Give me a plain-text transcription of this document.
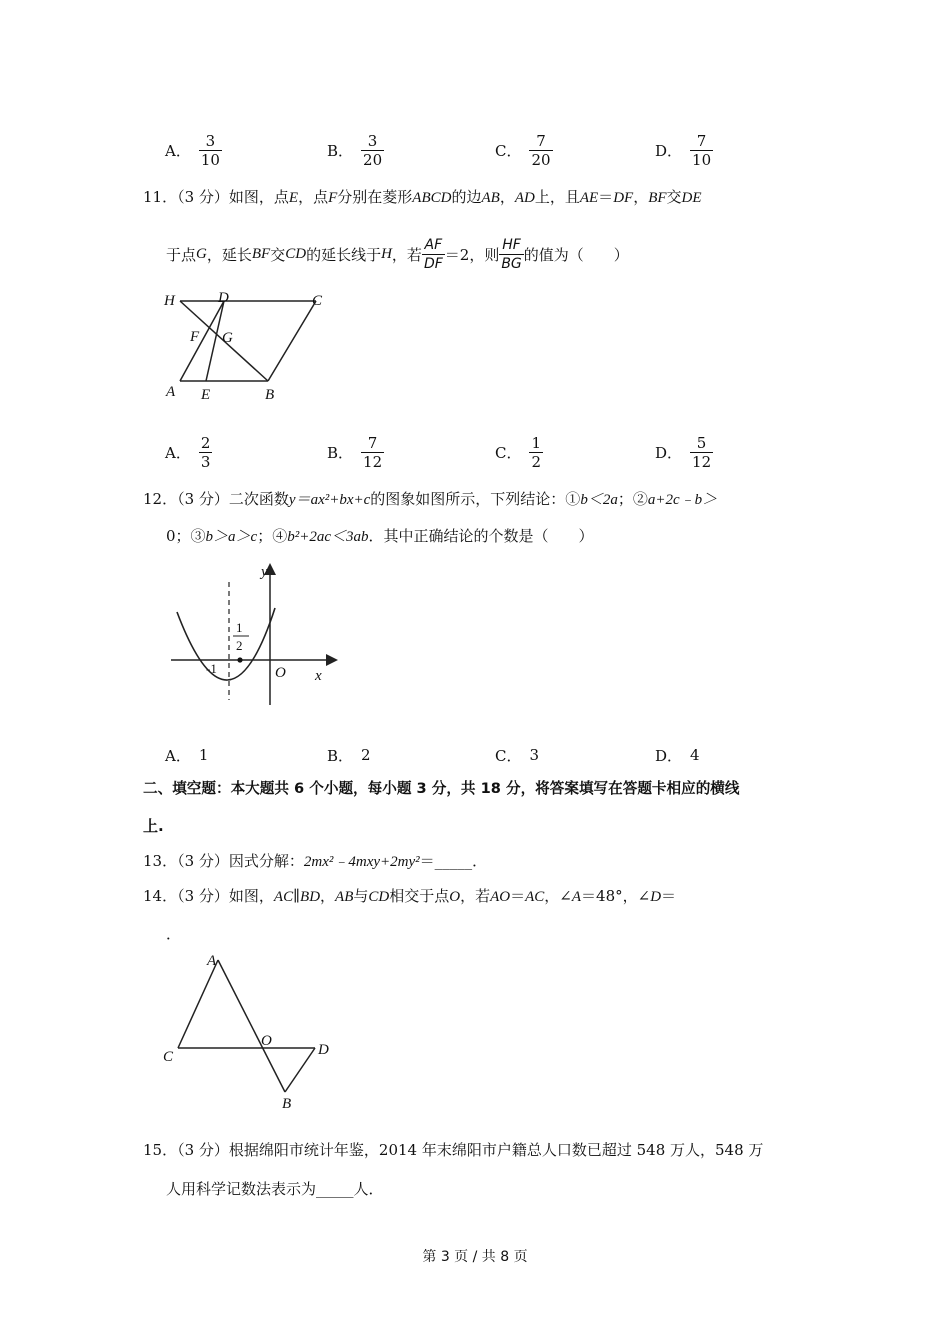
A． $\frac{3}{10}$	B． $\frac{3}{20}$	C． $\frac{7}{20}$	D． $\frac{7}{10}$
11．（3 分）如图，点E，点F分别在菱形ABCD的边AB，AD上，且AE＝DF，BF交DE
于点 G ，延长 BF 交 CD 的延长线于 H ，若 $\frac{AF}{DF} =2$，则 $\frac{HF}{BG}$ 的值为（　　）
H	D	C
F G
A E	B
A． $\frac{2}{3}$	B． $\frac{7}{12}$	C． $\frac{1}{2}$	D． $\frac{5}{12}$
12．（3 分）二次函数y＝ax²+bx+c的图象如图所示，下列结论：①b＜2a；②a+2c﹣b＞
0；③b＞a＞c；④b²+2ac＜3ab．其中正确结论的个数是（　　）
y
x
O
-1
1
2
A． 1	B． 2	C． 3	D． 4
二、填空题：本大题共 6 个小题，每小题 3 分，共 18 分，将答案填写在答题卡相应的横线
上.
13．（3 分）因式分解：2mx²﹣4mxy+2my²＝_____．
14．（3 分）如图，AC∥BD，AB与CD相交于点O，若AO＝AC，∠A＝48°，∠D＝
．
A
C
O
D
B
15．（3 分）根据绵阳市统计年鉴，2014 年末绵阳市户籍总人口数已超过 548 万人，548 万
人用科学记数法表示为_____人．
第 3 页 / 共 8 页
